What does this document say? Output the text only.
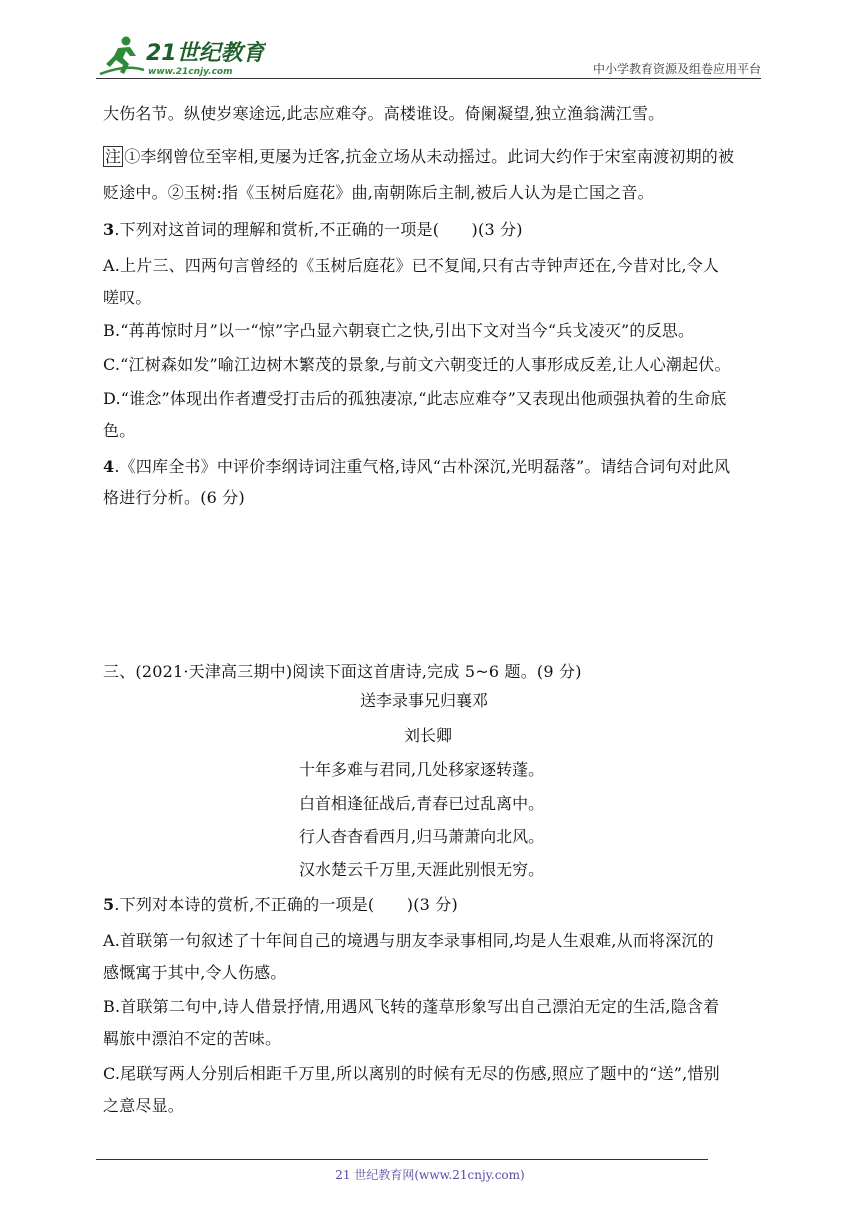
21世纪教育
www.21cnjy.com	中小学教育资源及组卷应用平台
大伤名节。纵使岁寒途远,此志应难夺。高楼谁设。倚阑凝望,独立渔翁满江雪。
注 ①李纲曾位至宰相,更屡为迁客,抗金立场从未动摇过。此词大约作于宋室南渡初期的被
贬途中。②玉树:指《玉树后庭花》曲,南朝陈后主制,被后人认为是亡国之音。
3.下列对这首词的理解和赏析,不正确的一项是(　　)(3 分)
A.上片三、四两句言曾经的《玉树后庭花》已不复闻,只有古寺钟声还在,今昔对比,令人
嗟叹。
B.“苒苒惊时月”以一“惊”字凸显六朝衰亡之快,引出下文对当今“兵戈凌灭”的反思。
C.“江树森如发”喻江边树木繁茂的景象,与前文六朝变迁的人事形成反差,让人心潮起伏。
D.“谁念”体现出作者遭受打击后的孤独凄凉,“此志应难夺”又表现出他顽强执着的生命底
色。
4.《四库全书》中评价李纲诗词注重气格,诗风“古朴深沉,光明磊落”。请结合词句对此风
格进行分析。(6 分)
三、(2021·天津高三期中)阅读下面这首唐诗,完成 5~6 题。(9 分)
送李录事兄归襄邓
刘长卿
十年多难与君同,几处移家逐转蓬。
白首相逢征战后,青春已过乱离中。
行人杳杳看西月,归马萧萧向北风。
汉水楚云千万里,天涯此别恨无穷。
5.下列对本诗的赏析,不正确的一项是(　　)(3 分)
A.首联第一句叙述了十年间自己的境遇与朋友李录事相同,均是人生艰难,从而将深沉的
感慨寓于其中,令人伤感。
B.首联第二句中,诗人借景抒情,用遇风飞转的蓬草形象写出自己漂泊无定的生活,隐含着
羁旅中漂泊不定的苦味。
C.尾联写两人分别后相距千万里,所以离别的时候有无尽的伤感,照应了题中的“送”,惜别
之意尽显。
21 世纪教育网(www.21cnjy.com)
